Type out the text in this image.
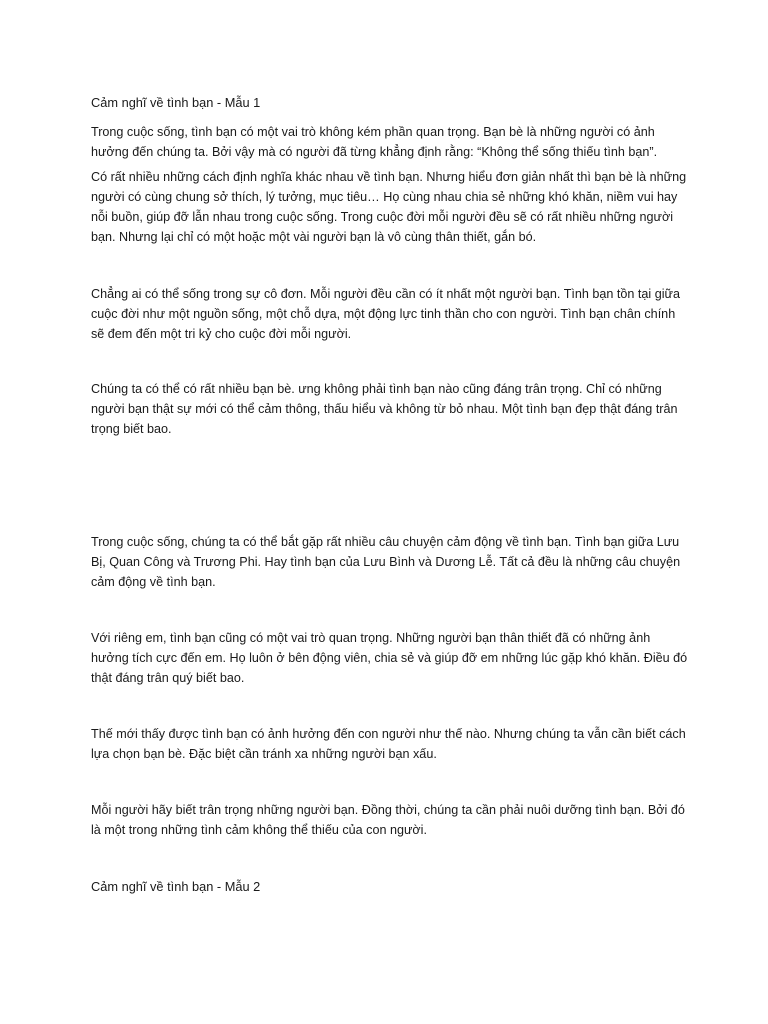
Cảm nghĩ về tình bạn - Mẫu 1

Trong cuộc sống, tình bạn có một vai trò không kém phần quan trọng. Bạn bè là những người có ảnh hưởng đến chúng ta. Bởi vậy mà có người đã từng khẳng định rằng: “Không thể sống thiếu tình bạn”.

Có rất nhiều những cách định nghĩa khác nhau về tình bạn. Nhưng hiểu đơn giản nhất thì bạn bè là những người có cùng chung sở thích, lý tưởng, mục tiêu… Họ cùng nhau chia sẻ những khó khăn, niềm vui hay nỗi buồn, giúp đỡ lẫn nhau trong cuộc sống. Trong cuộc đời mỗi người đều sẽ có rất nhiều những người bạn. Nhưng lại chỉ có một hoặc một vài người bạn là vô cùng thân thiết, gắn bó.

Chẳng ai có thể sống trong sự cô đơn. Mỗi người đều cần có ít nhất một người bạn. Tình bạn tồn tại giữa cuộc đời như một nguồn sống, một chỗ dựa, một động lực tinh thần cho con người. Tình bạn chân chính sẽ đem đến một tri kỷ cho cuộc đời mỗi người.

Chúng ta có thể có rất nhiều bạn bè. ưng không phải tình bạn nào cũng đáng trân trọng. Chỉ có những người bạn thật sự mới có thể cảm thông, thấu hiểu và không từ bỏ nhau. Một tình bạn đẹp thật đáng trân trọng biết bao.

Trong cuộc sống, chúng ta có thể bắt gặp rất nhiều câu chuyện cảm động về tình bạn. Tình bạn giữa Lưu Bị, Quan Công và Trương Phi. Hay tình bạn của Lưu Bình và Dương Lễ. Tất cả đều là những câu chuyện cảm động về tình bạn.

Với riêng em, tình bạn cũng có một vai trò quan trọng. Những người bạn thân thiết đã có những ảnh hưởng tích cực đến em. Họ luôn ở bên động viên, chia sẻ và giúp đỡ em những lúc gặp khó khăn. Điều đó thật đáng trân quý biết bao.

Thế mới thấy được tình bạn có ảnh hưởng đến con người như thế nào. Nhưng chúng ta vẫn cần biết cách lựa chọn bạn bè. Đặc biệt cần tránh xa những người bạn xấu.

Mỗi người hãy biết trân trọng những người bạn. Đồng thời, chúng ta cần phải nuôi dưỡng tình bạn. Bởi đó là một trong những tình cảm không thể thiếu của con người.

Cảm nghĩ về tình bạn - Mẫu 2
